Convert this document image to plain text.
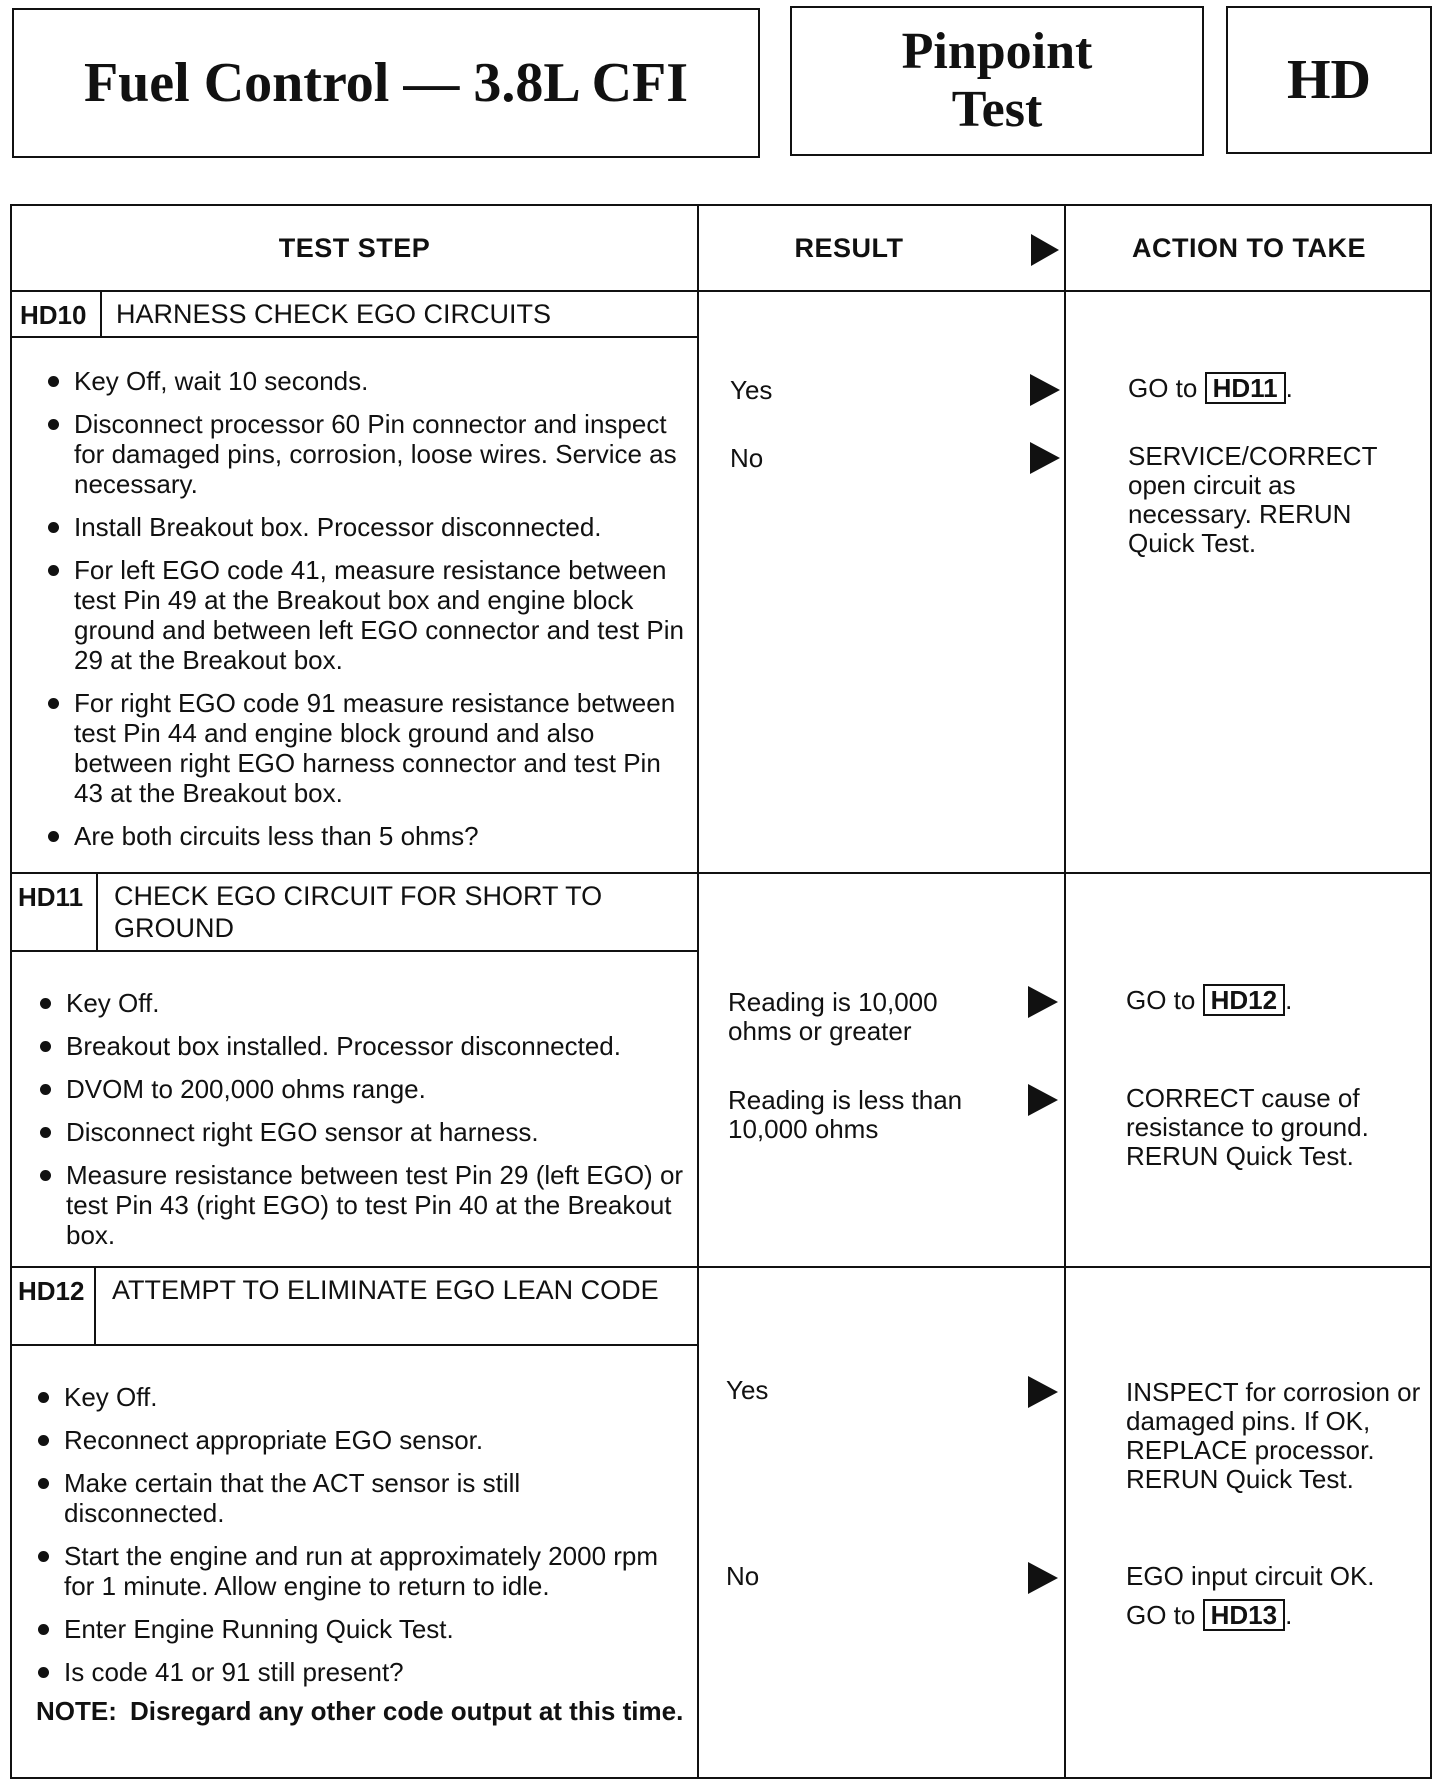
Fuel Control — 3.8L CFI
Pinpoint
Test	HD
TEST STEP	RESULT	ACTION TO TAKE
HD10 HARNESS CHECK EGO CIRCUITS
Key Off, wait 10 seconds.
Disconnect processor 60 Pin connector and inspect for damaged pins, corrosion, loose wires. Service as necessary.
Install Breakout box. Processor disconnected.
For left EGO code 41, measure resistance between test Pin 49 at the Breakout box and engine block ground and between left EGO connector and test Pin 29 at the Breakout box.
For right EGO code 91 measure resistance between test Pin 44 and engine block ground and also between right EGO harness connector and test Pin 43 at the Breakout box.
Are both circuits less than 5 ohms?
Yes	GO to HD11 .
No	SERVICE/CORRECT open circuit as necessary. RERUN Quick Test.
HD11 CHECK EGO CIRCUIT FOR SHORT TO GROUND
Key Off.
Breakout box installed. Processor disconnected.
DVOM to 200,000 ohms range.
Disconnect right EGO sensor at harness.
Measure resistance between test Pin 29 (left EGO) or test Pin 43 (right EGO) to test Pin 40 at the Breakout box.
Reading is 10,000 ohms or greater
GO to HD12 .
Reading is less than 10,000 ohms
CORRECT cause of resistance to ground. RERUN Quick Test.
HD12 ATTEMPT TO ELIMINATE EGO LEAN CODE
Key Off.
Reconnect appropriate EGO sensor.
Make certain that the ACT sensor is still disconnected.
Start the engine and run at approximately 2000 rpm for 1 minute. Allow engine to return to idle.
Enter Engine Running Quick Test.
Is code 41 or 91 still present?
NOTE: Disregard any other code output at this time.
Yes	INSPECT for corrosion or damaged pins. If OK, REPLACE processor. RERUN Quick Test.
No	EGO input circuit OK.
GO to HD13 .
